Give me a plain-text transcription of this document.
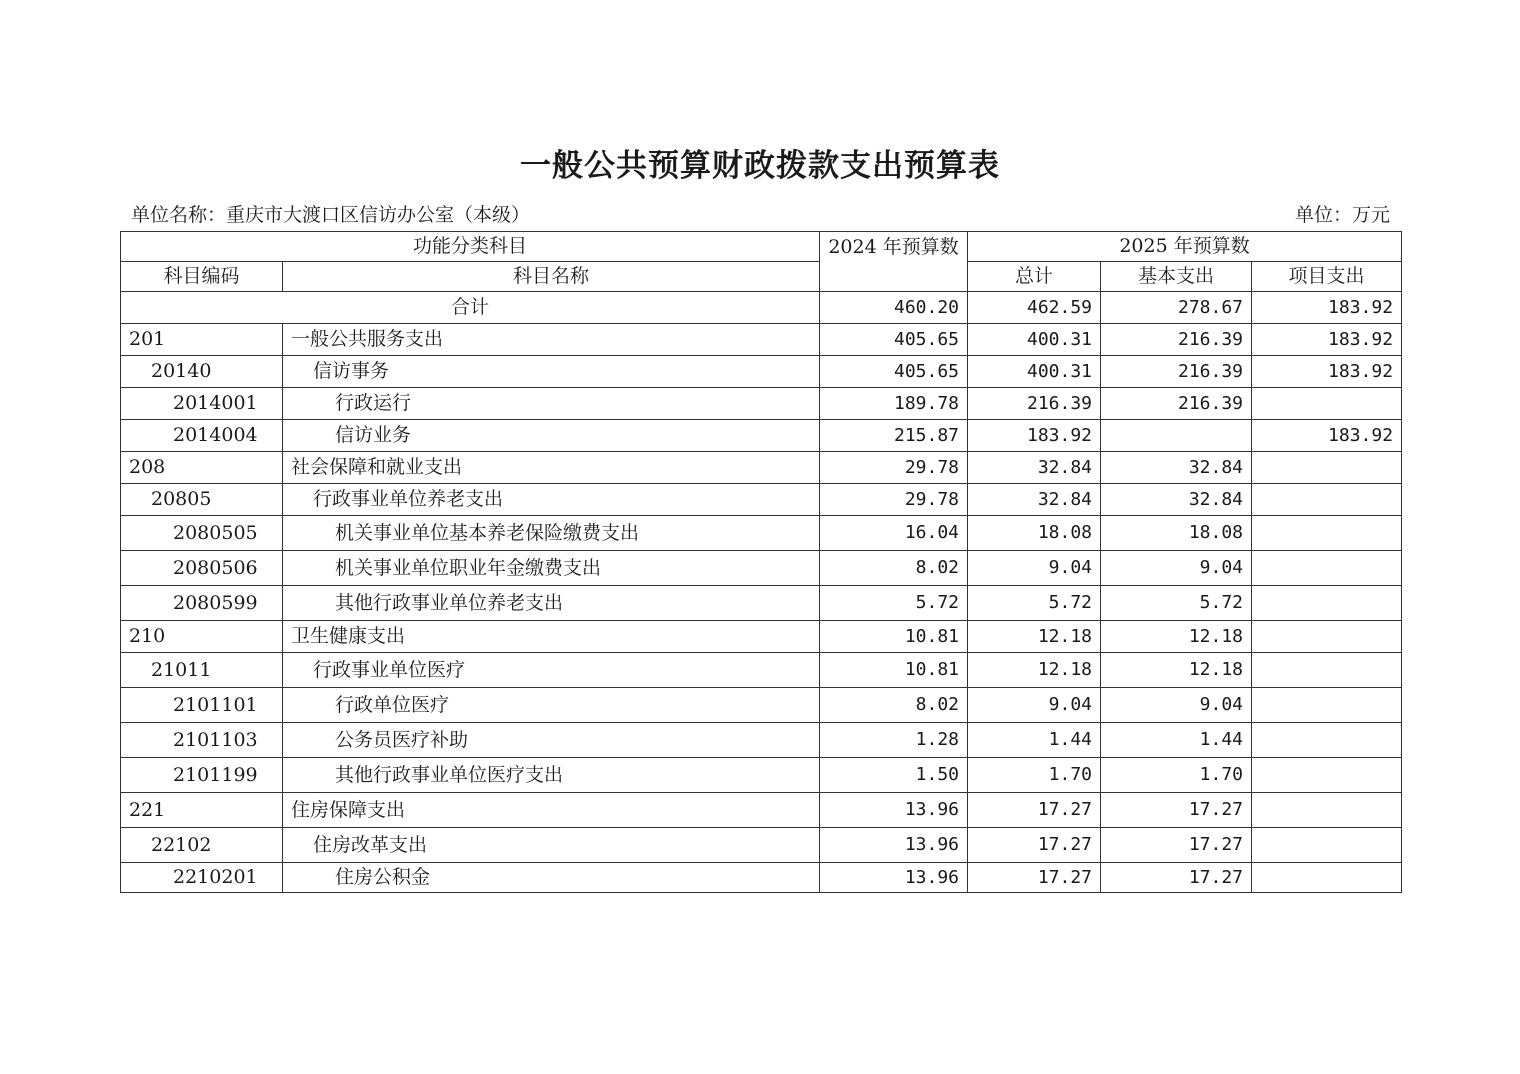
一般公共预算财政拨款支出预算表
单位名称：重庆市大渡口区信访办公室（本级）	单位：万元
功能分类科目		2024 年预算数	2025 年预算数		
科目编码	科目名称		总计	基本支出	项目支出
合计		460.20	462.59	278.67	183.92
201	一般公共服务支出	405.65	400.31	216.39	183.92
20140	信访事务	405.65	400.31	216.39	183.92
2014001	行政运行	189.78	216.39	216.39	
2014004	信访业务	215.87	183.92		183.92
208	社会保障和就业支出	29.78	32.84	32.84	
20805	行政事业单位养老支出	29.78	32.84	32.84	
2080505	机关事业单位基本养老保险缴费支出	16.04	18.08	18.08	
2080506	机关事业单位职业年金缴费支出	8.02	9.04	9.04	
2080599	其他行政事业单位养老支出	5.72	5.72	5.72	
210	卫生健康支出	10.81	12.18	12.18	
21011	行政事业单位医疗	10.81	12.18	12.18	
2101101	行政单位医疗	8.02	9.04	9.04	
2101103	公务员医疗补助	1.28	1.44	1.44	
2101199	其他行政事业单位医疗支出	1.50	1.70	1.70	
221	住房保障支出	13.96	17.27	17.27	
22102	住房改革支出	13.96	17.27	17.27	
2210201	住房公积金	13.96	17.27	17.27	
